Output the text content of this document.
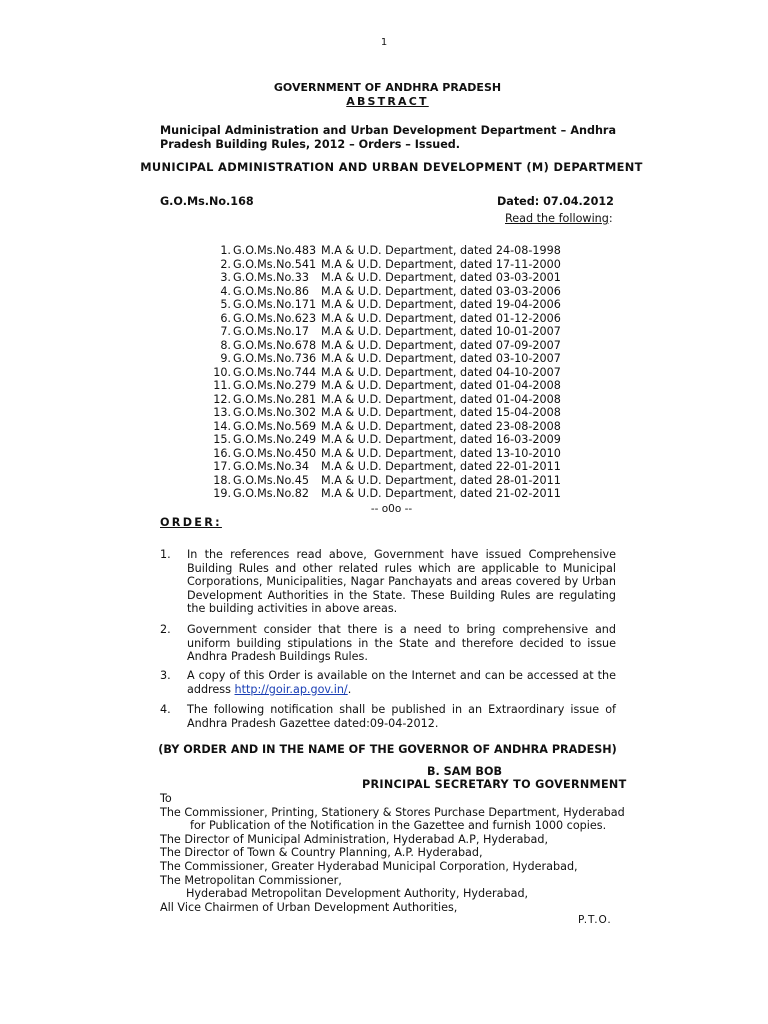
1
GOVERNMENT OF ANDHRA PRADESH
ABSTRACT
Municipal Administration and Urban Development Department – Andhra Pradesh Building Rules, 2012 – Orders – Issued.
MUNICIPAL ADMINISTRATION AND URBAN DEVELOPMENT (M) DEPARTMENT
G.O.Ms.No.168	Dated: 07.04.2012
Read the following:
1. G.O.Ms.No.483 M.A & U.D. Department, dated 24-08-1998
2. G.O.Ms.No.541 M.A & U.D. Department, dated 17-11-2000
3. G.O.Ms.No.33	M.A & U.D. Department, dated 03-03-2001
4. G.O.Ms.No.86	M.A & U.D. Department, dated 03-03-2006
5. G.O.Ms.No.171 M.A & U.D. Department, dated 19-04-2006
6. G.O.Ms.No.623 M.A & U.D. Department, dated 01-12-2006
7. G.O.Ms.No.17	M.A & U.D. Department, dated 10-01-2007
8. G.O.Ms.No.678 M.A & U.D. Department, dated 07-09-2007
9. G.O.Ms.No.736 M.A & U.D. Department, dated 03-10-2007
10. G.O.Ms.No.744 M.A & U.D. Department, dated 04-10-2007
11. G.O.Ms.No.279 M.A & U.D. Department, dated 01-04-2008
12. G.O.Ms.No.281 M.A & U.D. Department, dated 01-04-2008
13. G.O.Ms.No.302 M.A & U.D. Department, dated 15-04-2008
14. G.O.Ms.No.569 M.A & U.D. Department, dated 23-08-2008
15. G.O.Ms.No.249 M.A & U.D. Department, dated 16-03-2009
16. G.O.Ms.No.450 M.A & U.D. Department, dated 13-10-2010
17. G.O.Ms.No.34	M.A & U.D. Department, dated 22-01-2011
18. G.O.Ms.No.45	M.A & U.D. Department, dated 28-01-2011
19. G.O.Ms.No.82	M.A & U.D. Department, dated 21-02-2011
-- o0o --
ORDER:
1. In the references read above, Government have issued Comprehensive Building Rules and other related rules which are applicable to Municipal Corporations, Municipalities, Nagar Panchayats and areas covered by Urban Development Authorities in the State. These Building Rules are regulating the building activities in above areas.
2. Government consider that there is a need to bring comprehensive and uniform building stipulations in the State and therefore decided to issue Andhra Pradesh Buildings Rules.
3. A copy of this Order is available on the Internet and can be accessed at the address http://goir.ap.gov.in/.
4. The following notification shall be published in an Extraordinary issue of Andhra Pradesh Gazettee dated:09-04-2012.
(BY ORDER AND IN THE NAME OF THE GOVERNOR OF ANDHRA PRADESH)
B. SAM BOB
PRINCIPAL SECRETARY TO GOVERNMENT
To
The Commissioner, Printing, Stationery & Stores Purchase Department, Hyderabad
for Publication of the Notification in the Gazettee and furnish 1000 copies.
The Director of Municipal Administration, Hyderabad A.P, Hyderabad,
The Director of Town & Country Planning, A.P. Hyderabad,
The Commissioner, Greater Hyderabad Municipal Corporation, Hyderabad,
The Metropolitan Commissioner,
Hyderabad Metropolitan Development Authority, Hyderabad,
All Vice Chairmen of Urban Development Authorities,
P.T.O.
